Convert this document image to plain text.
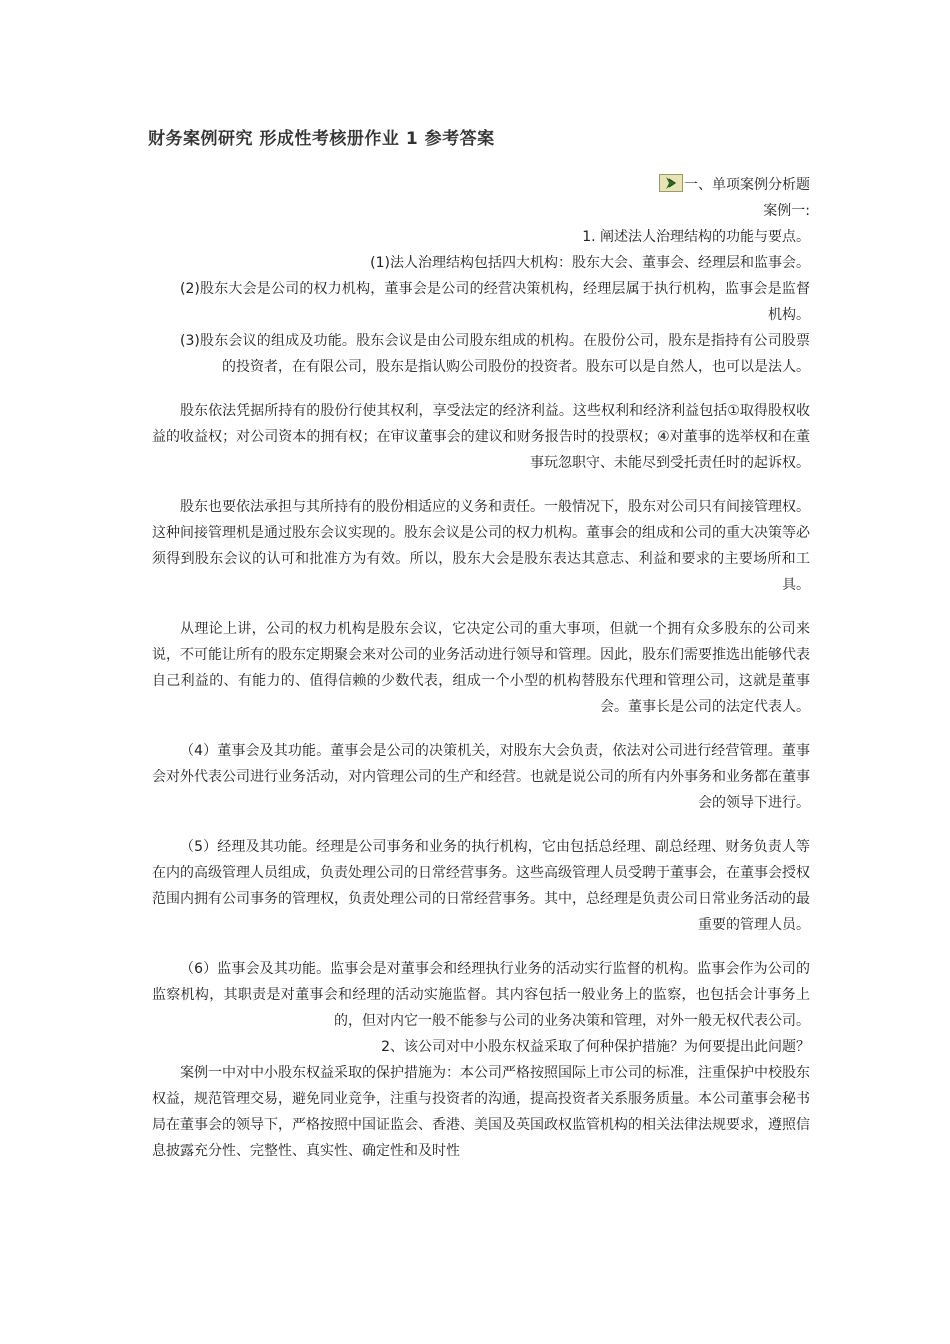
财务案例研究 形成性考核册作业 1 参考答案

一、单项案例分析题

案例一:

1. 阐述法人治理结构的功能与要点。

(1)法人治理结构包括四大机构：股东大会、董事会、经理层和监事会。

(2)股东大会是公司的权力机构，董事会是公司的经营决策机构，经理层属于执行机构，监事会是监督机构。

(3)股东会议的组成及功能。股东会议是由公司股东组成的机构。在股份公司，股东是指持有公司股票的投资者，在有限公司，股东是指认购公司股份的投资者。股东可以是自然人，也可以是法人。

股东依法凭据所持有的股份行使其权利，享受法定的经济利益。这些权利和经济利益包括①取得股权收益的收益权；对公司资本的拥有权；在审议董事会的建议和财务报告时的投票权；④对董事的选举权和在董事玩忽职守、未能尽到受托责任时的起诉权。

股东也要依法承担与其所持有的股份相适应的义务和责任。一般情况下，股东对公司只有间接管理权。这种间接管理机是通过股东会议实现的。股东会议是公司的权力机构。董事会的组成和公司的重大决策等必须得到股东会议的认可和批准方为有效。所以，股东大会是股东表达其意志、利益和要求的主要场所和工具。

从理论上讲，公司的权力机构是股东会议，它决定公司的重大事项，但就一个拥有众多股东的公司来说，不可能让所有的股东定期聚会来对公司的业务活动进行领导和管理。因此，股东们需要推选出能够代表自己利益的、有能力的、值得信赖的少数代表，组成一个小型的机构替股东代理和管理公司，这就是董事会。董事长是公司的法定代表人。

（4）董事会及其功能。董事会是公司的决策机关，对股东大会负责，依法对公司进行经营管理。董事会对外代表公司进行业务活动，对内管理公司的生产和经营。也就是说公司的所有内外事务和业务都在董事会的领导下进行。

（5）经理及其功能。经理是公司事务和业务的执行机构，它由包括总经理、副总经理、财务负责人等在内的高级管理人员组成，负责处理公司的日常经营事务。这些高级管理人员受聘于董事会，在董事会授权范围内拥有公司事务的管理权，负责处理公司的日常经营事务。其中，总经理是负责公司日常业务活动的最重要的管理人员。

（6）监事会及其功能。监事会是对董事会和经理执行业务的活动实行监督的机构。监事会作为公司的监察机构，其职责是对董事会和经理的活动实施监督。其内容包括一般业务上的监察，也包括会计事务上的，但对内它一般不能参与公司的业务决策和管理，对外一般无权代表公司。

2、该公司对中小股东权益采取了何种保护措施？为何要提出此问题？

案例一中对中小股东权益采取的保护措施为：本公司严格按照国际上市公司的标准，注重保护中校股东权益，规范管理交易，避免同业竞争，注重与投资者的沟通，提高投资者关系服务质量。本公司董事会秘书局在董事会的领导下，严格按照中国证监会、香港、美国及英国政权监管机构的相关法律法规要求，遵照信息披露充分性、完整性、真实性、确定性和及时性
